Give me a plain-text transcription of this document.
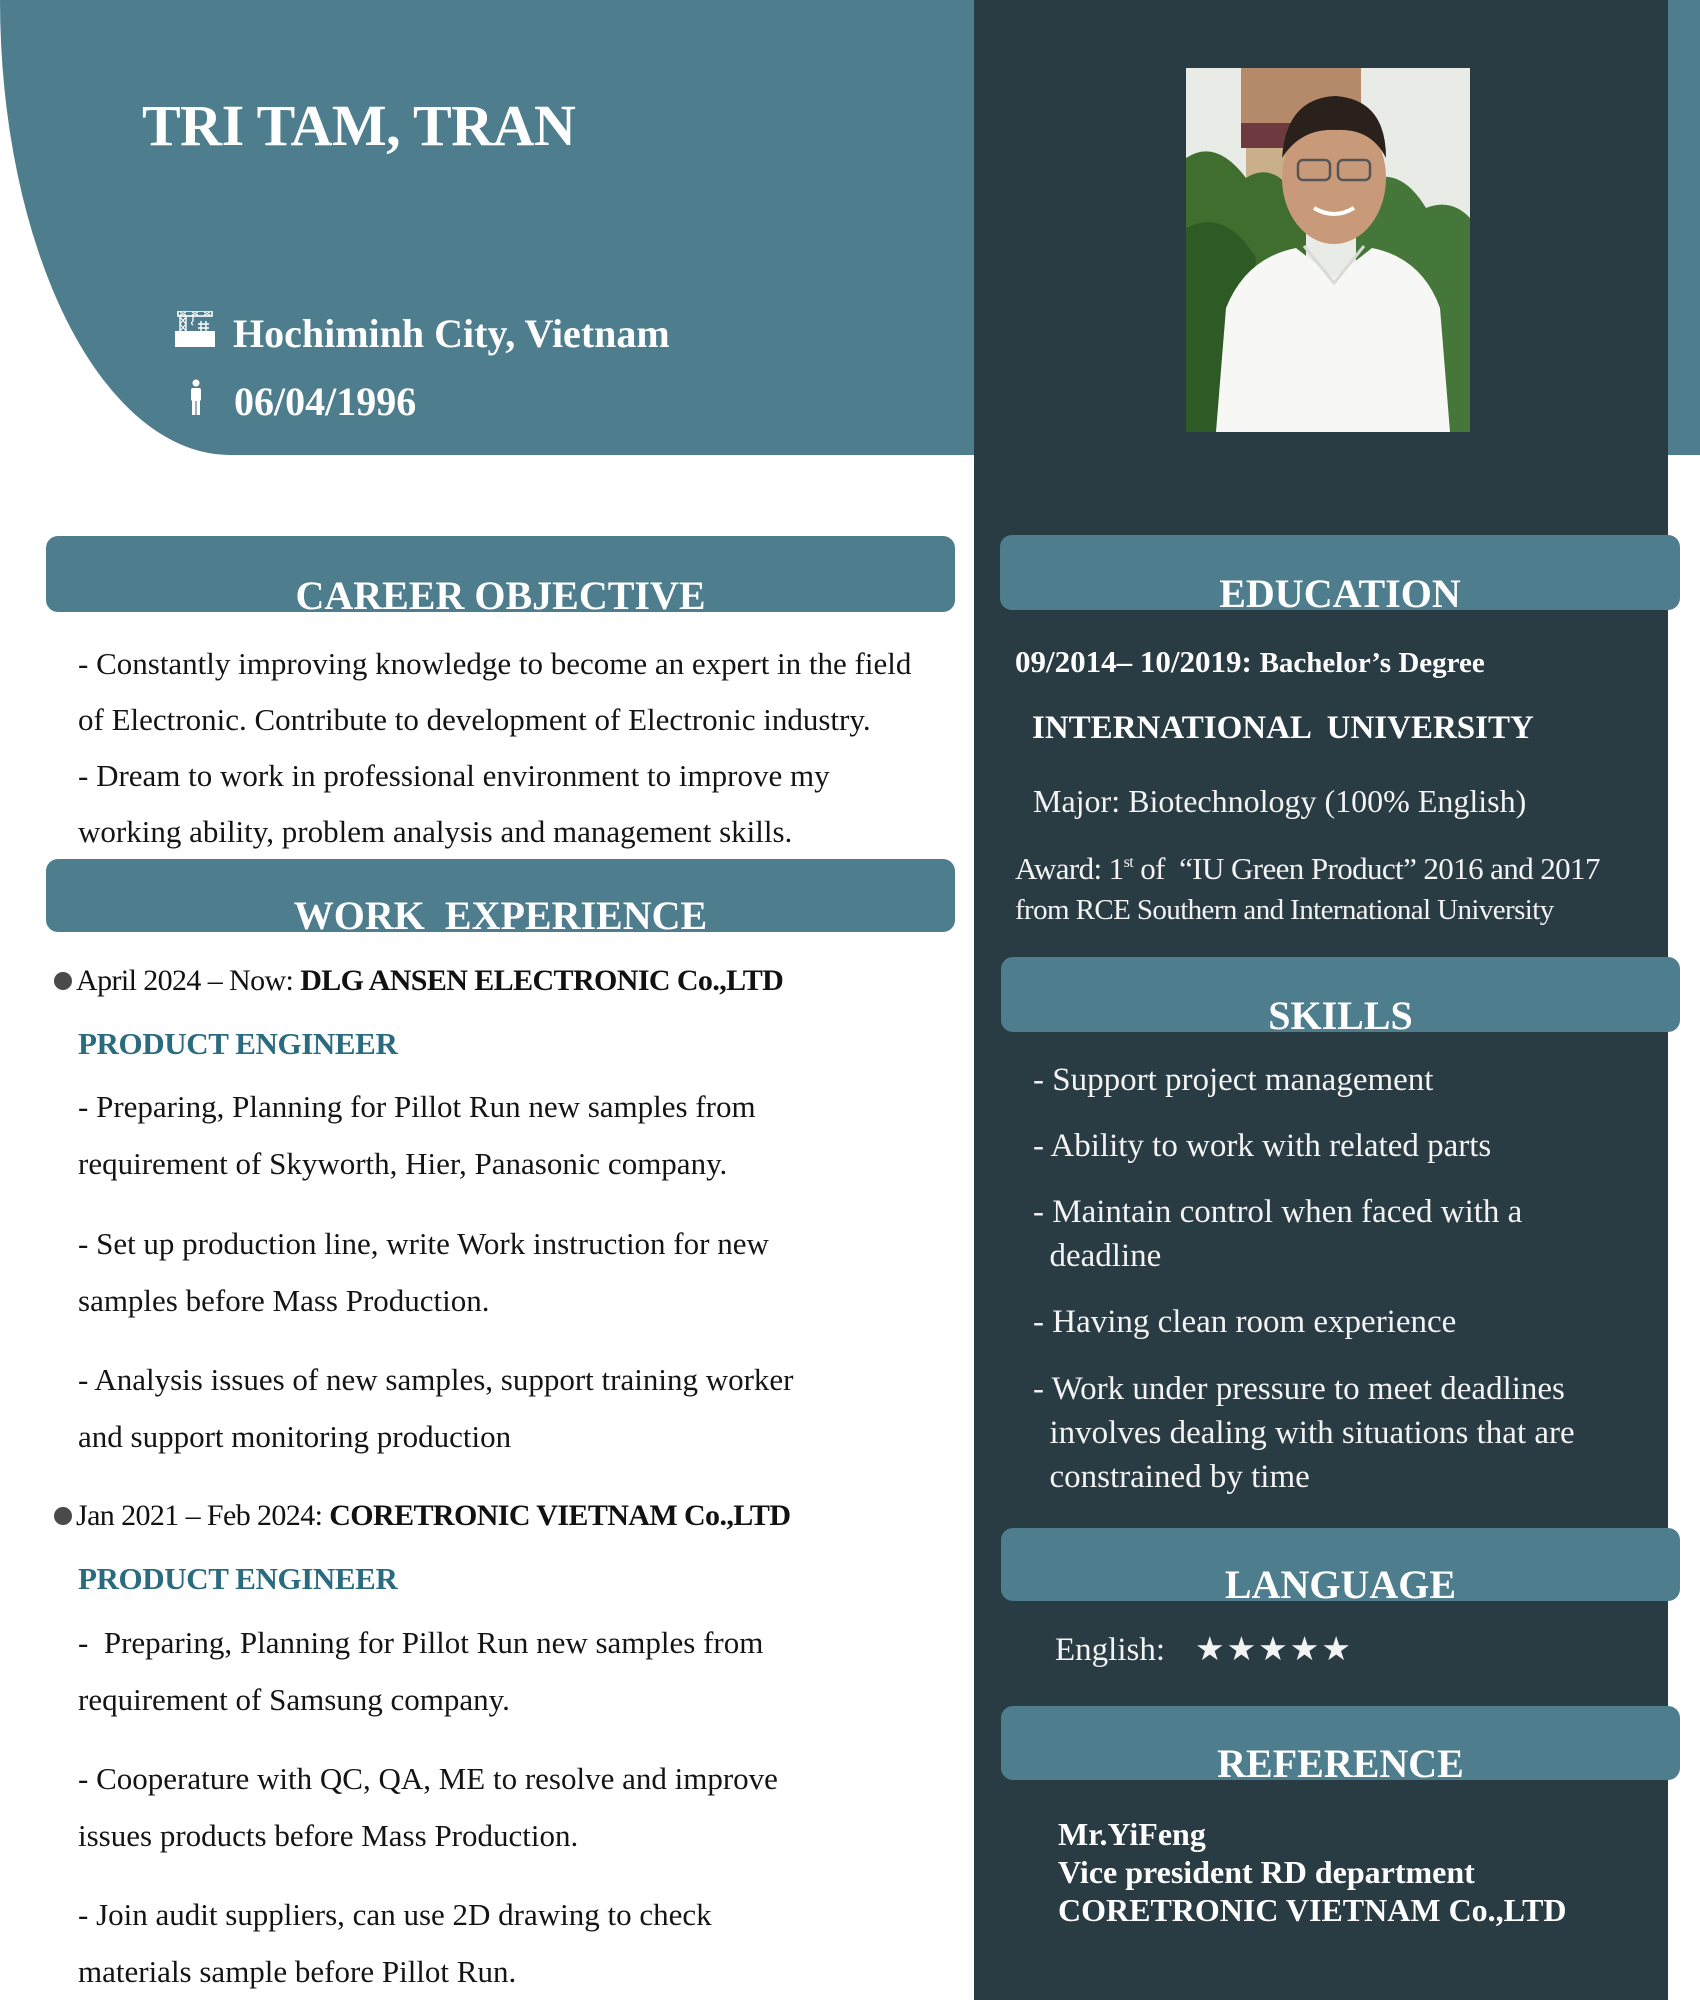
TRI TAM, TRAN
Hochiminh City, Vietnam
06/04/1996
CAREER OBJECTIVE
- Constantly improving knowledge to become an expert in the field
of Electronic. Contribute to development of Electronic industry.
- Dream to work in professional environment to improve my
working ability, problem analysis and management skills.
WORK  EXPERIENCE
April 2024 – Now: DLG ANSEN ELECTRONIC Co.,LTD
PRODUCT ENGINEER
- Preparing, Planning for Pillot Run new samples from
requirement of Skyworth, Hier, Panasonic company.
- Set up production line, write Work instruction for new
samples before Mass Production.
- Analysis issues of new samples, support training worker
and support monitoring production
Jan 2021 – Feb 2024: CORETRONIC VIETNAM Co.,LTD
PRODUCT ENGINEER
-  Preparing, Planning for Pillot Run new samples from
requirement of Samsung company.
- Cooperature with QC, QA, ME to resolve and improve
issues products before Mass Production.
- Join audit suppliers, can use 2D drawing to check
materials sample before Pillot Run.
EDUCATION
09/2014– 10/2019: Bachelor’s Degree
INTERNATIONAL  UNIVERSITY
Major: Biotechnology (100% English)
Award: 1st of  “IU Green Product” 2016 and 2017
from RCE Southern and International University
SKILLS
- Support project management
- Ability to work with related parts
- Maintain control when faced with a
deadline
- Having clean room experience
- Work under pressure to meet deadlines
involves dealing with situations that are
constrained by time
LANGUAGE
English: ★★★★★
REFERENCE
Mr.YiFeng
Vice president RD department
CORETRONIC VIETNAM Co.,LTD
